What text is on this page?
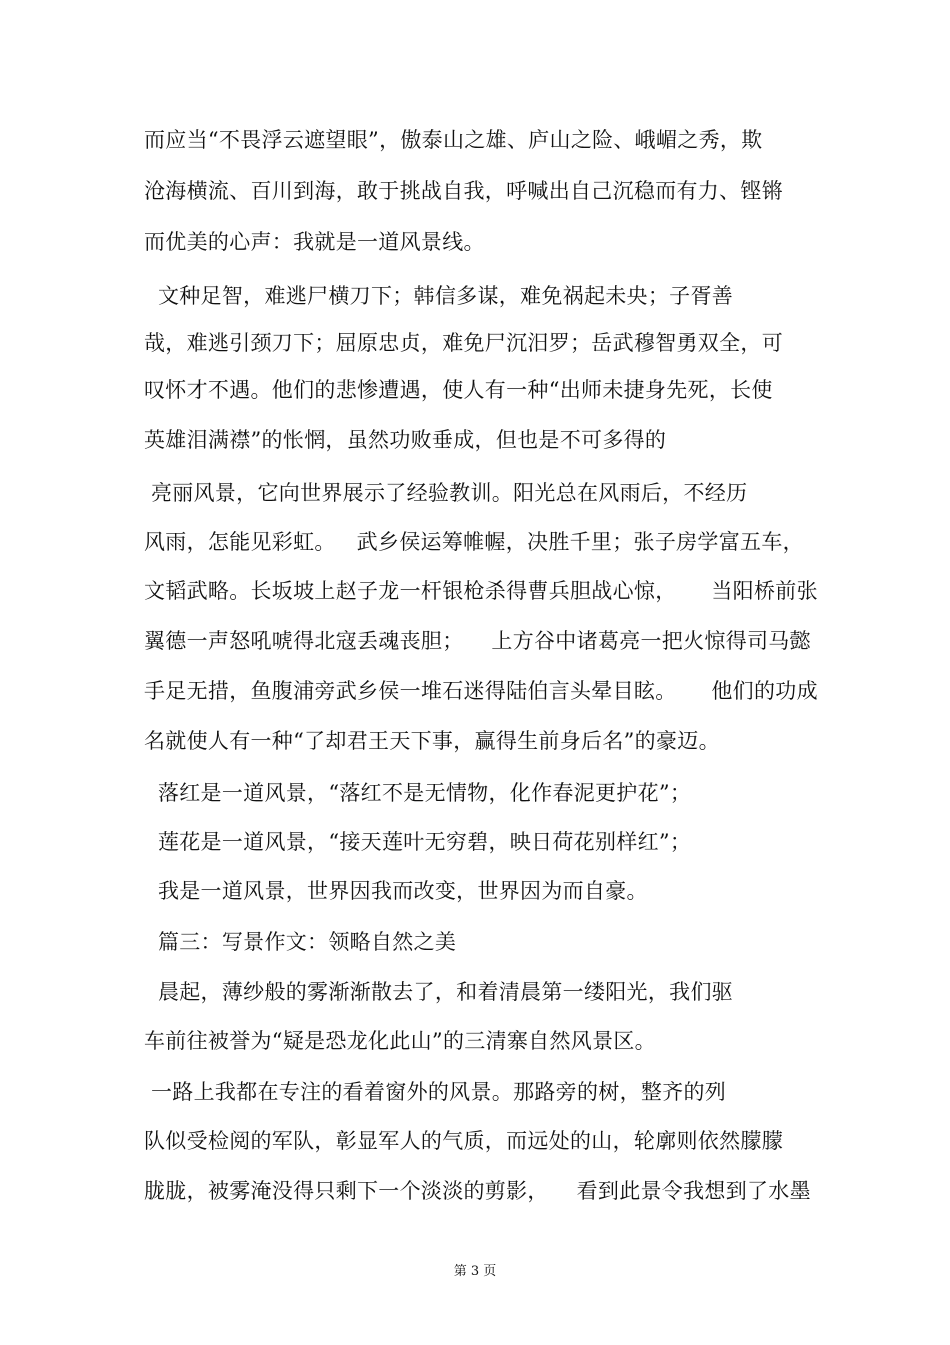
而应当“不畏浮云遮望眼”，傲泰山之雄、庐山之险、峨嵋之秀，欺
沧海横流、百川到海，敢于挑战自我，呼喊出自己沉稳而有力、铿锵
而优美的心声：我就是一道风景线。
文种足智，难逃尸横刀下；韩信多谋，难免祸起未央；子胥善
哉，难逃引颈刀下；屈原忠贞，难免尸沉汨罗；岳武穆智勇双全，可
叹怀才不遇。他们的悲惨遭遇，使人有一种“出师未捷身先死，长使
英雄泪满襟”的怅惘，虽然功败垂成，但也是不可多得的
亮丽风景，它向世界展示了经验教训。阳光总在风雨后，不经历
风雨，怎能见彩虹。   武乡侯运筹帷幄，决胜千里；张子房学富五车，
文韬武略。长坂坡上赵子龙一杆银枪杀得曹兵胆战心惊，     当阳桥前张
翼德一声怒吼唬得北寇丢魂丧胆；    上方谷中诸葛亮一把火惊得司马懿
手足无措，鱼腹浦旁武乡侯一堆石迷得陆伯言头晕目眩。     他们的功成
名就使人有一种“了却君王天下事，赢得生前身后名”的豪迈。
落红是一道风景，“落红不是无情物，化作春泥更护花”；
莲花是一道风景，“接天莲叶无穷碧，映日荷花别样红”；
我是一道风景，世界因我而改变，世界因为而自豪。
篇三：写景作文：领略自然之美
晨起，薄纱般的雾渐渐散去了，和着清晨第一缕阳光，我们驱
车前往被誉为“疑是恐龙化此山”的三清寨自然风景区。
一路上我都在专注的看着窗外的风景。那路旁的树，整齐的列
队似受检阅的军队，彰显军人的气质，而远处的山，轮廓则依然朦朦
胧胧，被雾淹没得只剩下一个淡淡的剪影，    看到此景令我想到了水墨
第 3 页
